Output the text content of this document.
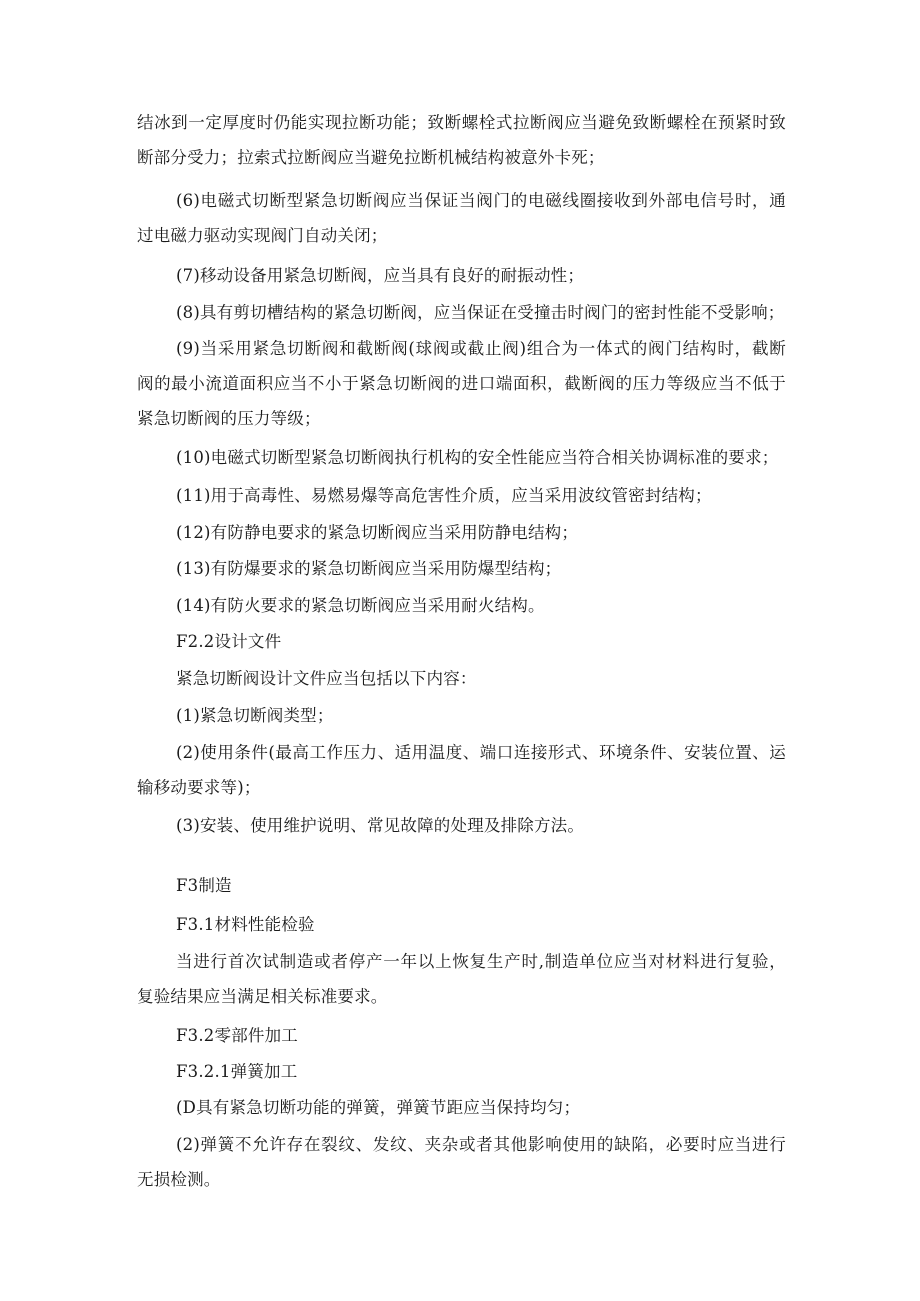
结冰到一定厚度时仍能实现拉断功能；致断螺栓式拉断阀应当避免致断螺栓在预紧时致
断部分受力；拉索式拉断阀应当避免拉断机械结构被意外卡死；
(6)电磁式切断型紧急切断阀应当保证当阀门的电磁线圈接收到外部电信号时，通
过电磁力驱动实现阀门自动关闭；
(7)移动设备用紧急切断阀，应当具有良好的耐振动性；
(8)具有剪切槽结构的紧急切断阀，应当保证在受撞击时阀门的密封性能不受影响；
(9)当采用紧急切断阀和截断阀(球阀或截止阀)组合为一体式的阀门结构时，截断
阀的最小流道面积应当不小于紧急切断阀的进口端面积，截断阀的压力等级应当不低于
紧急切断阀的压力等级；
(10)电磁式切断型紧急切断阀执行机构的安全性能应当符合相关协调标准的要求；
(11)用于高毒性、易燃易爆等高危害性介质，应当采用波纹管密封结构；
(12)有防静电要求的紧急切断阀应当采用防静电结构；
(13)有防爆要求的紧急切断阀应当采用防爆型结构；
(14)有防火要求的紧急切断阀应当采用耐火结构。
F2.2设计文件
紧急切断阀设计文件应当包括以下内容：
(1)紧急切断阀类型；
(2)使用条件(最高工作压力、适用温度、端口连接形式、环境条件、安装位置、运
输移动要求等)；
(3)安装、使用维护说明、常见故障的处理及排除方法。
F3制造
F3.1材料性能检验
当进行首次试制造或者停产一年以上恢复生产时,制造单位应当对材料进行复验，
复验结果应当满足相关标准要求。
F3.2零部件加工
F3.2.1弹簧加工
(D具有紧急切断功能的弹簧，弹簧节距应当保持均匀；
(2)弹簧不允许存在裂纹、发纹、夹杂或者其他影响使用的缺陷，必要时应当进行
无损检测。
